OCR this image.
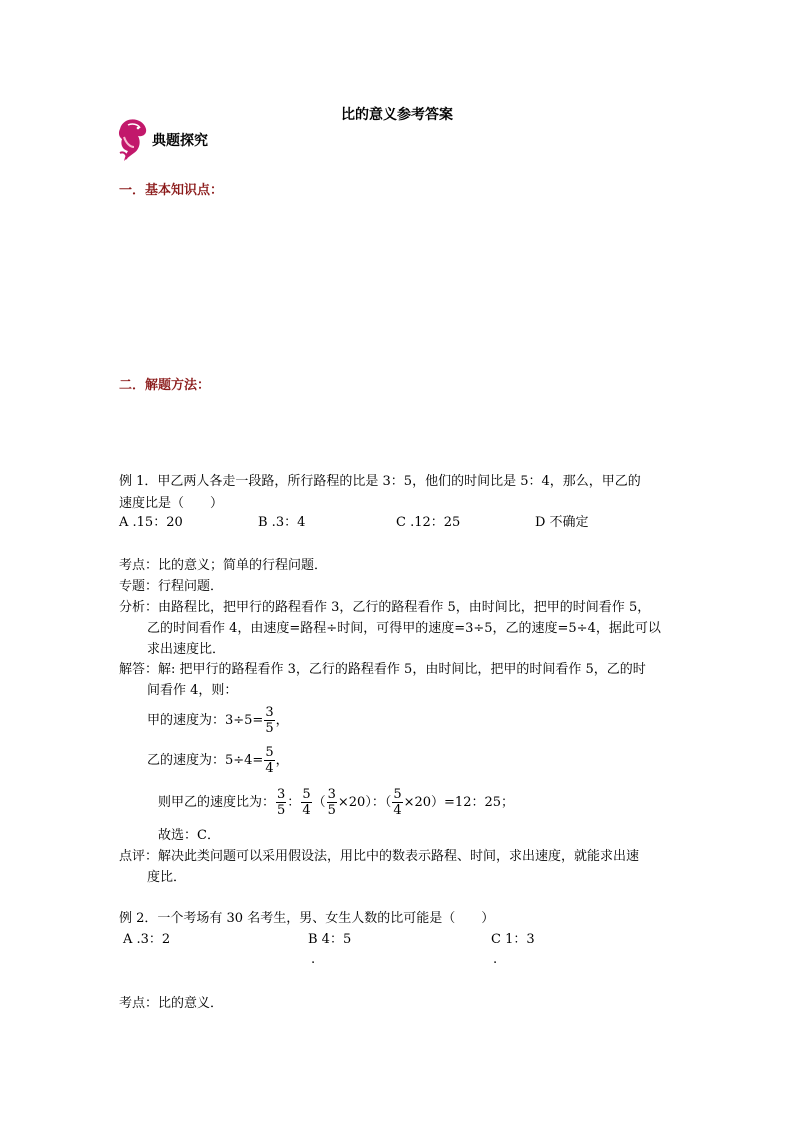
比的意义参考答案
典题探究
一．基本知识点：
二．解题方法：
例 1．甲乙两人各走一段路，所行路程的比是 3：5，他们的时间比是 5：4，那么，甲乙的
速度比是（　　）
A .15：20	B .3：4	C .12：25	D 不确定
考点：比的意义；简单的行程问题．
专题：行程问题．
分析：由路程比，把甲行的路程看作 3，乙行的路程看作 5，由时间比，把甲的时间看作 5，
乙的时间看作 4，由速度=路程÷时间，可得甲的速度=3÷5，乙的速度=5÷4，据此可以
求出速度比．
解答：解: 把甲行的路程看作 3，乙行的路程看作 5，由时间比，把甲的时间看作 5，乙的时
间看作 4，则：
甲的速度为：$3\div 5= \frac{3}{5}$ ，
乙的速度为：$5\div 4= \frac{5}{4}$ ，
则甲乙的速度比为： $\frac{3}{5}$ ： $\frac{5}{4}$ （ $\frac{3}{5} \times 20$）：（ $\frac{5}{4} \times 20)=12$：25；
故选：C．
点评：解决此类问题可以采用假设法，用比中的数表示路程、时间，求出速度，就能求出速
度比．
例 2．一个考场有 30 名考生，男、女生人数的比可能是（　　）
A .3：2	B 4：5	C 1：3
.	.
考点：比的意义．
